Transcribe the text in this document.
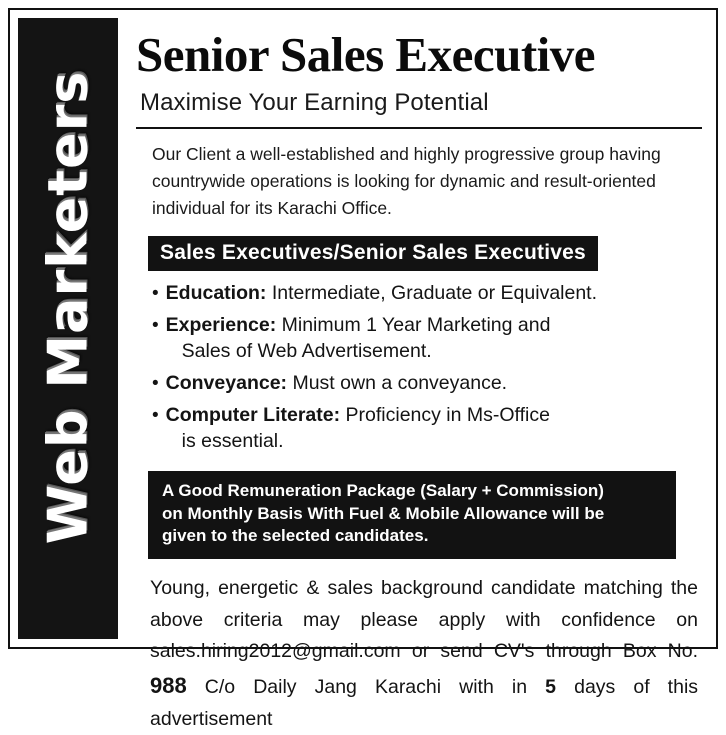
Web Marketers
Senior Sales Executive
Maximise Your Earning Potential
Our Client a well-established and highly progressive group having countrywide operations is looking for dynamic and result-oriented individual for its Karachi Office.
Sales Executives/Senior Sales Executives
• Education: Intermediate, Graduate or Equivalent.
• Experience: Minimum 1 Year Marketing and
Sales of Web Advertisement.
• Conveyance: Must own a conveyance.
• Computer Literate: Proficiency in Ms-Office
is essential.
A Good Remuneration Package (Salary + Commission)
on Monthly Basis With Fuel & Mobile Allowance will be
given to the selected candidates.
Young, energetic & sales background candidate matching the above criteria may please apply with confidence on sales.hiring2012@gmail.com or send CV's through Box No. 988 C/o Daily Jang Karachi with in 5 days of this advertisement
